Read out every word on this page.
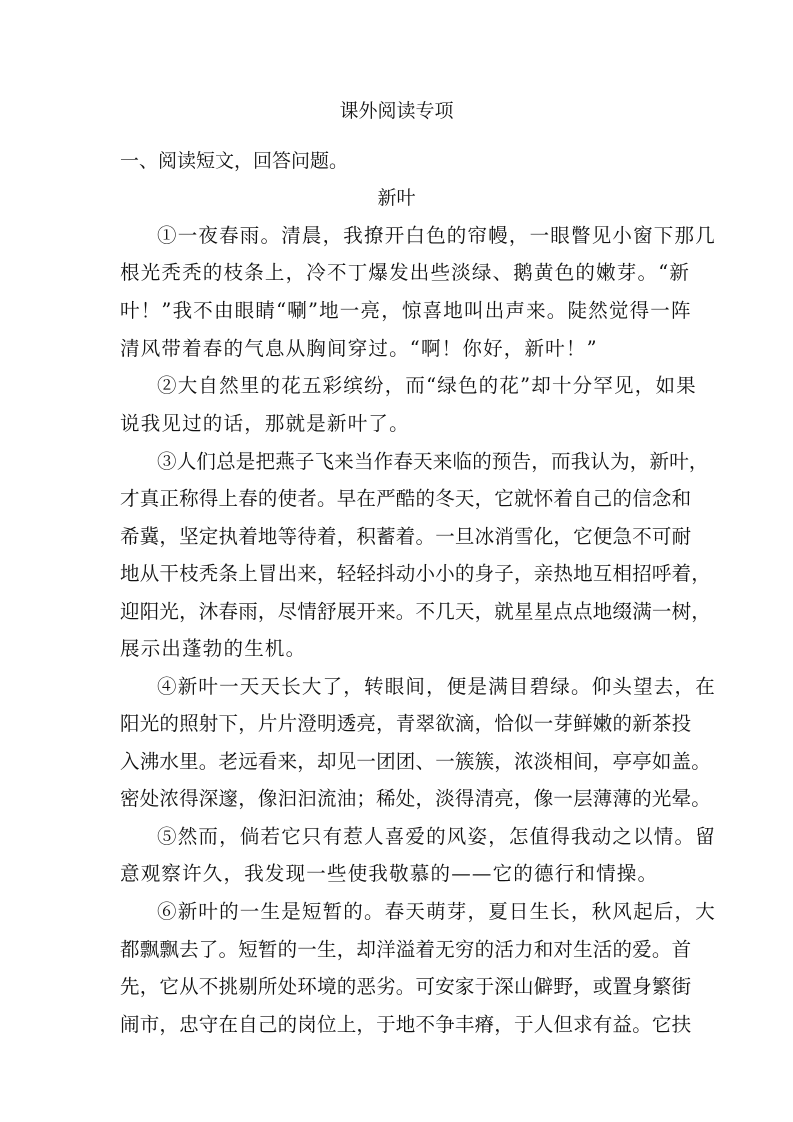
课外阅读专项
一、阅读短文，回答问题。
新叶
①一夜春雨。清晨，我撩开白色的帘幔，一眼瞥见小窗下那几
根光秃秃的枝条上，冷不丁爆发出些淡绿、鹅黄色的嫩芽。“新
叶！”我不由眼睛“唰”地一亮，惊喜地叫出声来。陡然觉得一阵
清风带着春的气息从胸间穿过。“啊！你好，新叶！”
②大自然里的花五彩缤纷，而“绿色的花”却十分罕见，如果
说我见过的话，那就是新叶了。
③人们总是把燕子飞来当作春天来临的预告，而我认为，新叶，
才真正称得上春的使者。早在严酷的冬天，它就怀着自己的信念和
希冀，坚定执着地等待着，积蓄着。一旦冰消雪化，它便急不可耐
地从干枝秃条上冒出来，轻轻抖动小小的身子，亲热地互相招呼着，
迎阳光，沐春雨，尽情舒展开来。不几天，就星星点点地缀满一树，
展示出蓬勃的生机。
④新叶一天天长大了，转眼间，便是满目碧绿。仰头望去，在
阳光的照射下，片片澄明透亮，青翠欲滴，恰似一芽鲜嫩的新茶投
入沸水里。老远看来，却见一团团、一簇簇，浓淡相间，亭亭如盖。
密处浓得深邃，像汩汩流油；稀处，淡得清亮，像一层薄薄的光晕。
⑤然而，倘若它只有惹人喜爱的风姿，怎值得我动之以情。留
意观察许久，我发现一些使我敬慕的——它的德行和情操。
⑥新叶的一生是短暂的。春天萌芽，夏日生长，秋风起后，大
都飘飘去了。短暂的一生，却洋溢着无穷的活力和对生活的爱。首
先，它从不挑剔所处环境的恶劣。可安家于深山僻野，或置身繁街
闹市，忠守在自己的岗位上，于地不争丰瘠，于人但求有益。它扶
